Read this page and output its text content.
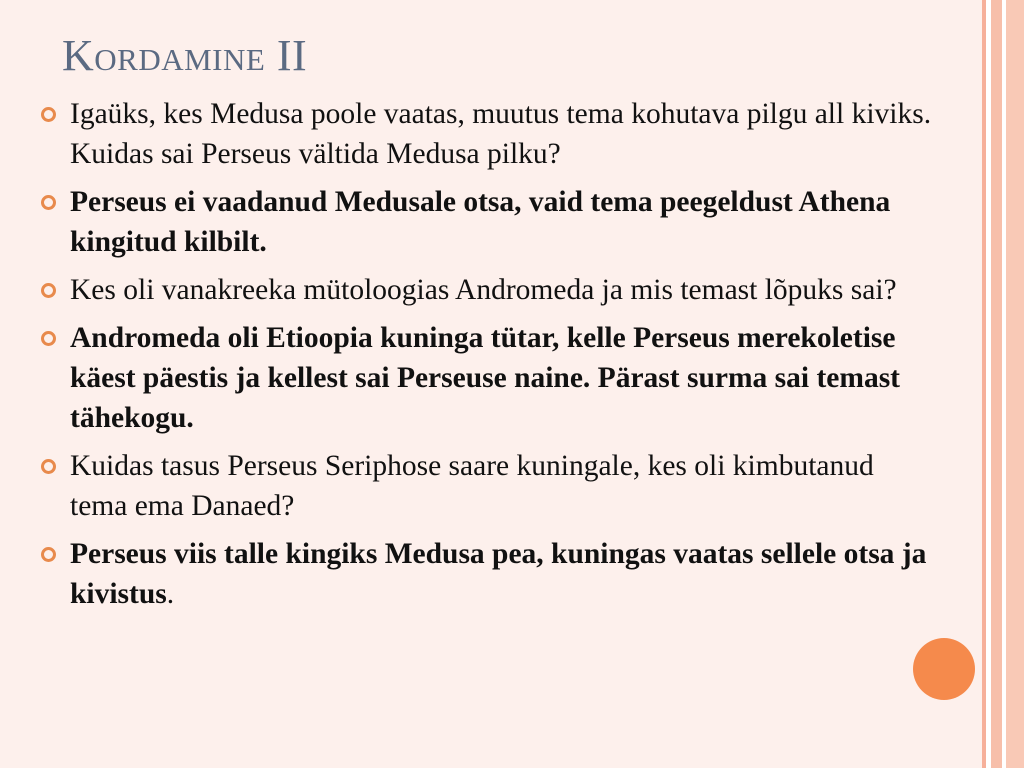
Kordamine II
Igaüks, kes Medusa poole vaatas, muutus tema kohutava pilgu all kiviks. Kuidas sai Perseus vältida Medusa pilku?
Perseus ei vaadanud Medusale otsa, vaid tema peegeldust Athena kingitud kilbilt.
Kes oli vanakreeka mütoloogias Andromeda ja mis temast lõpuks sai?
Andromeda oli Etioopia kuninga tütar, kelle Perseus merekoletise käest päestis ja kellest sai Perseuse naine. Pärast surma sai temast tähekogu.
Kuidas tasus Perseus Seriphose saare kuningale, kes oli kimbutanud tema ema Danaed?
Perseus viis talle kingiks Medusa pea, kuningas vaatas sellele otsa ja kivistus.
